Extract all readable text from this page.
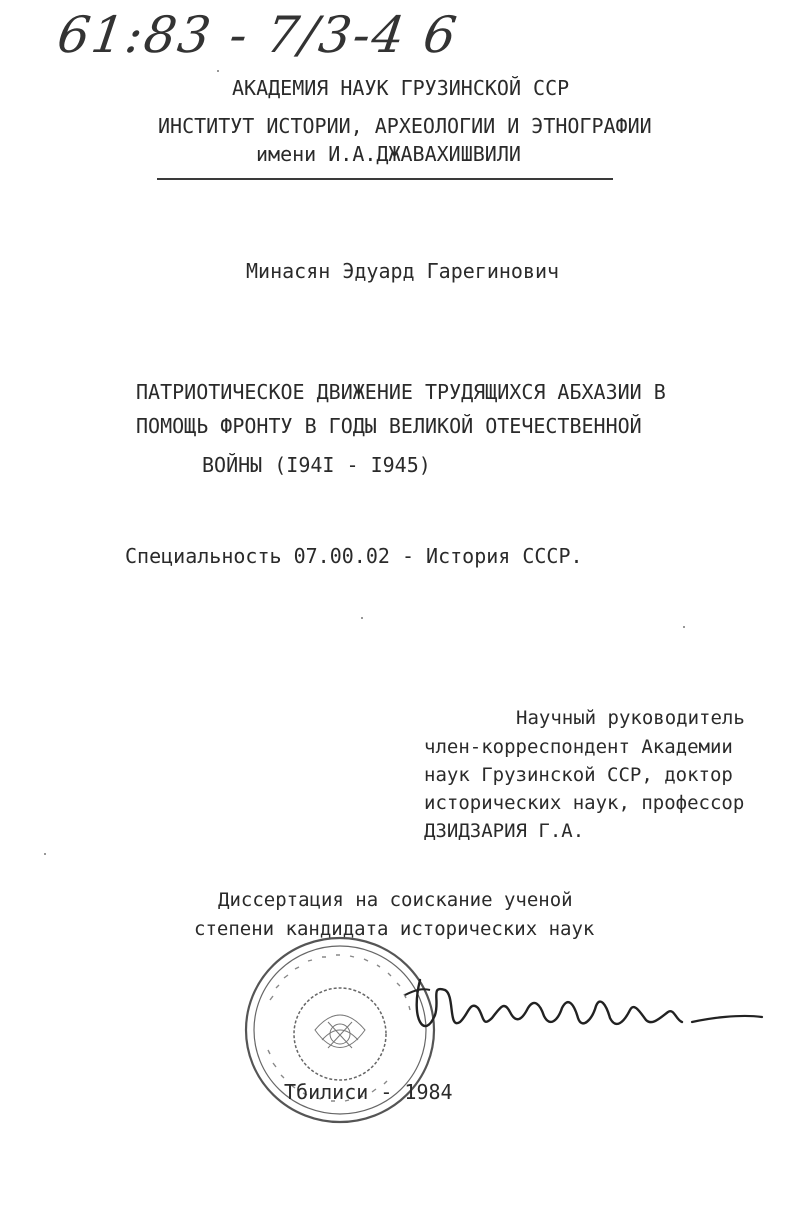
61:83 - 7/3-4 6
АКАДЕМИЯ НАУК ГРУЗИНСКОЙ ССР
ИНСТИТУТ ИСТОРИИ, АРХЕОЛОГИИ И ЭТНОГРАФИИ
имени И.А.ДЖАВАХИШВИЛИ
Минасян Эдуард Гарегинович
ПАТРИОТИЧЕСКОЕ ДВИЖЕНИЕ ТРУДЯЩИХСЯ АБХАЗИИ В
ПОМОЩЬ ФРОНТУ В ГОДЫ ВЕЛИКОЙ ОТЕЧЕСТВЕННОЙ
ВОЙНЫ (I94I - I945)
Специальность 07.00.02 - История СССР.
Научный руководитель
член-корреспондент Академии
наук Грузинской ССР, доктор
исторических наук, профессор
ДЗИДЗАРИЯ Г.А.
Диссертация на соискание ученой
степени кандидата исторических наук
Тбилиси - 1984
